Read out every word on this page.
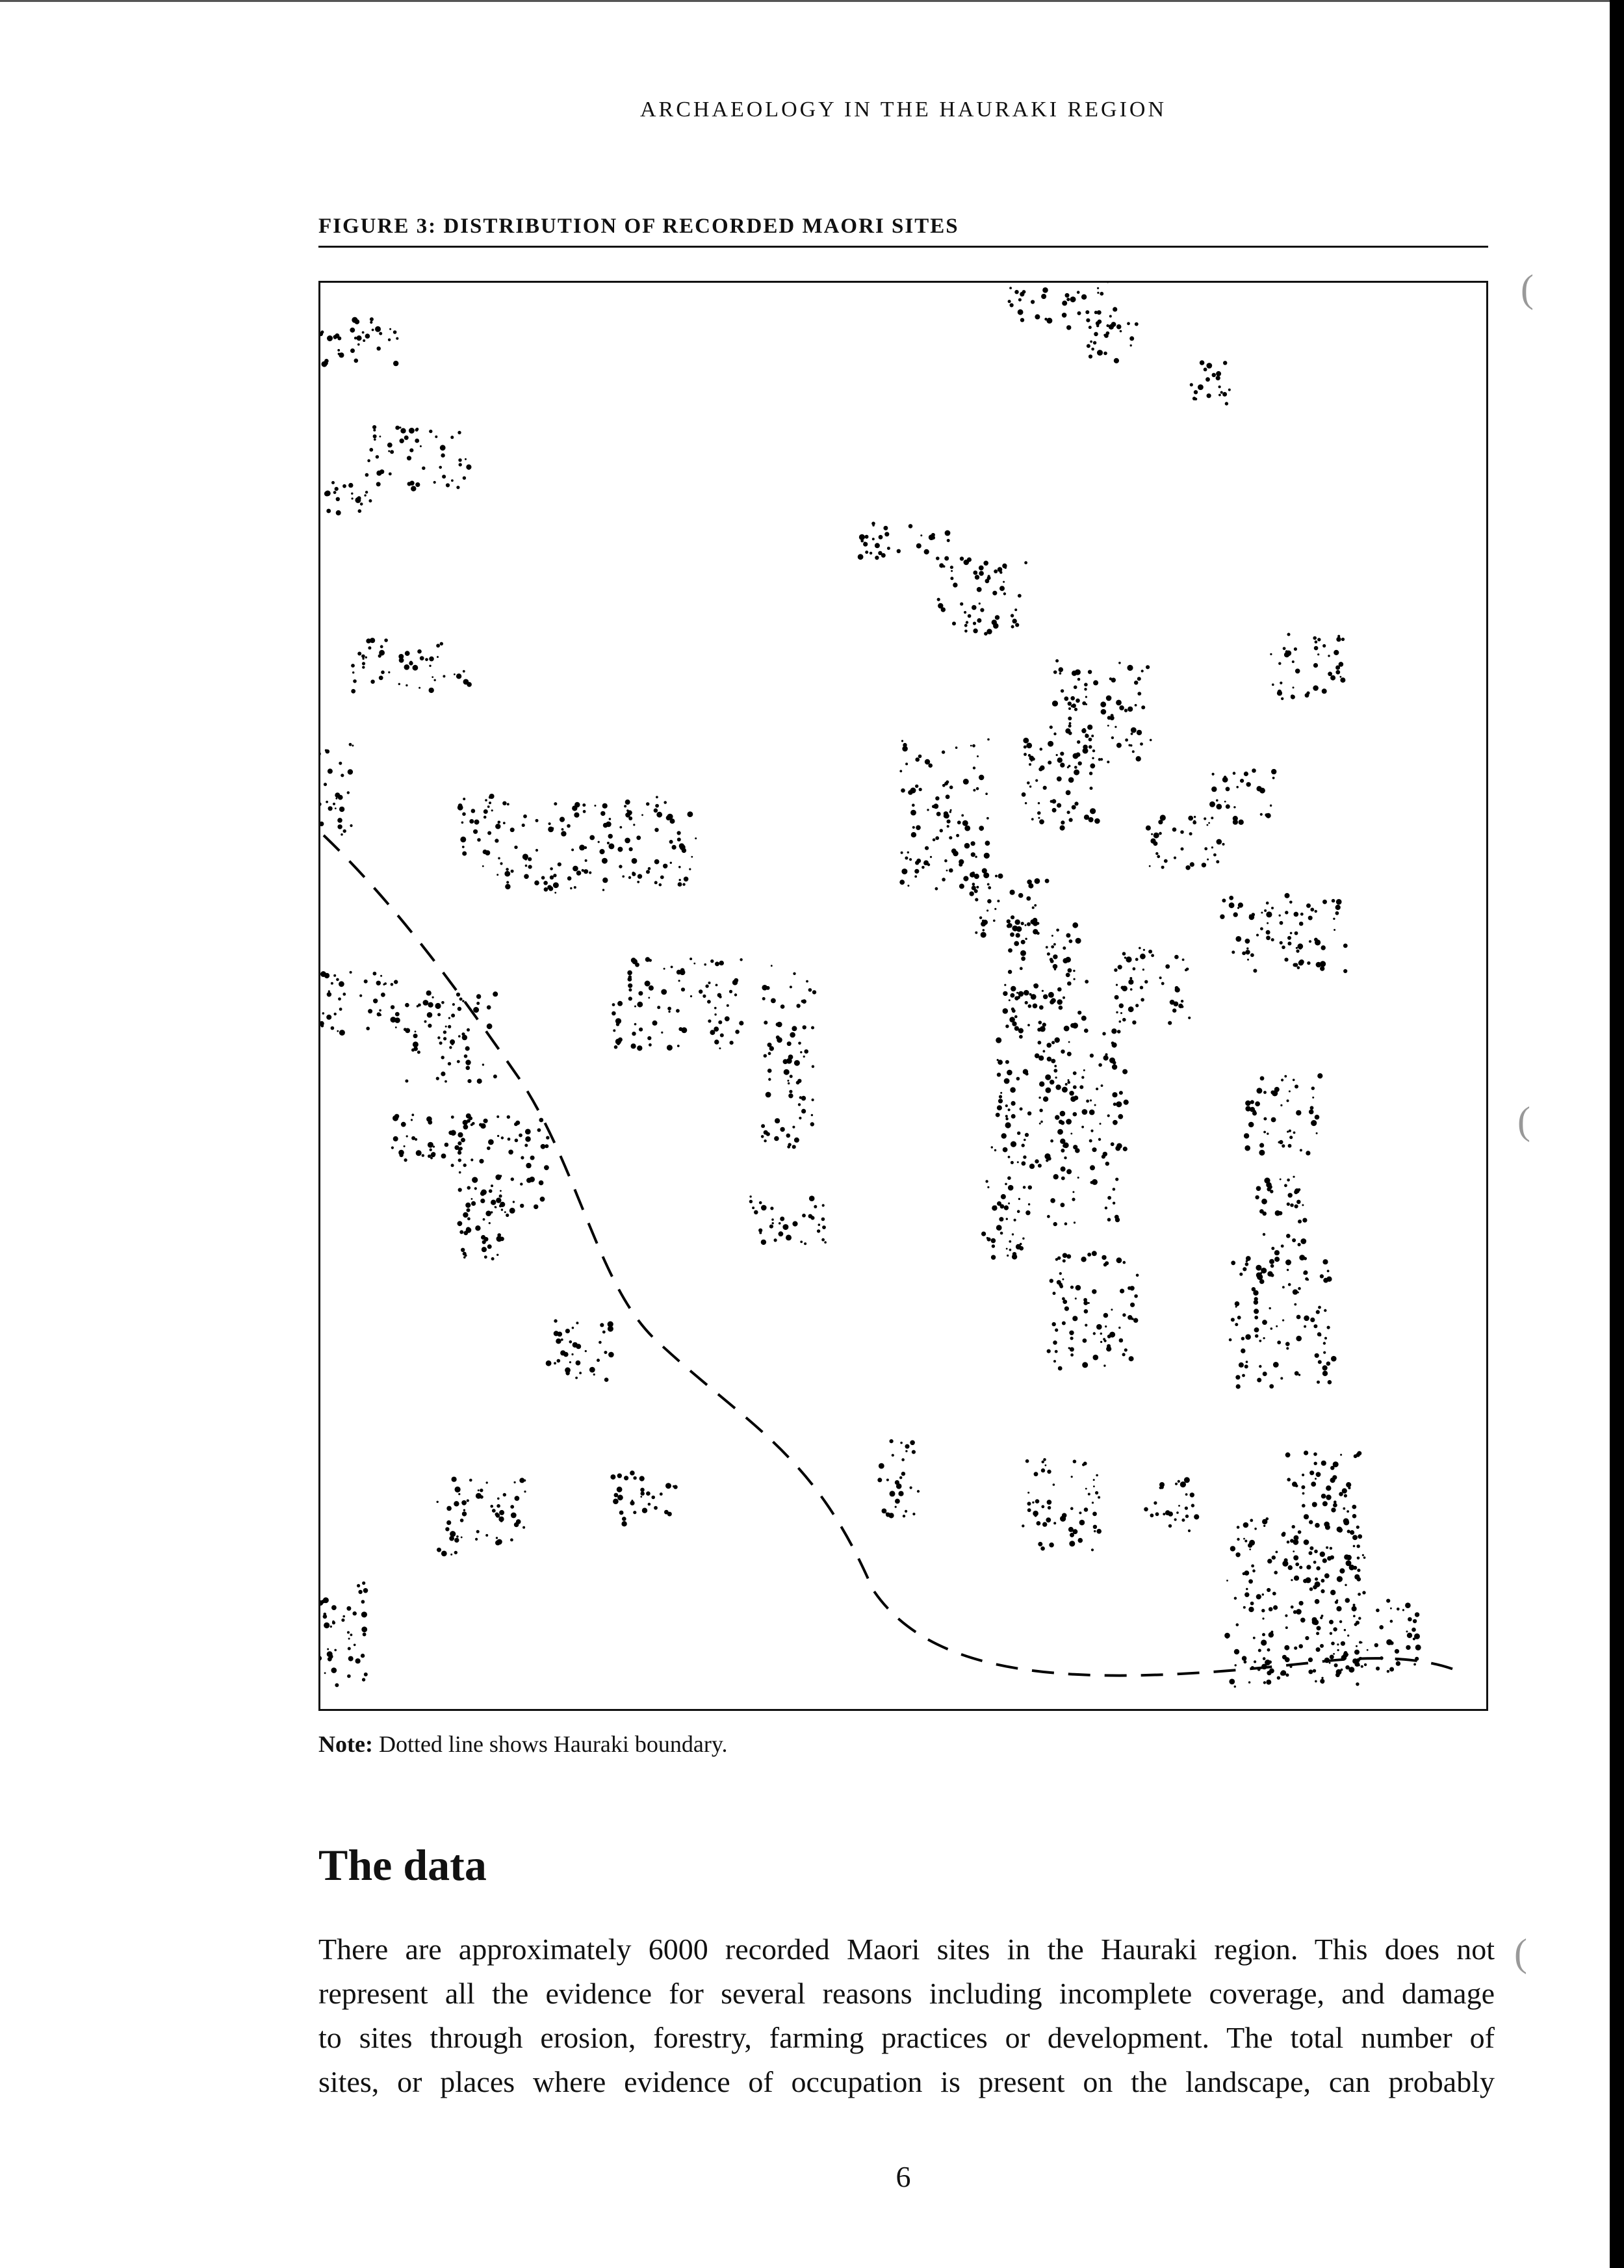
ARCHAEOLOGY IN THE HAURAKI REGION
FIGURE 3: DISTRIBUTION OF RECORDED MAORI SITES
Note: Dotted line shows Hauraki boundary.
The data
There are approximately 6000 recorded Maori sites in the Hauraki region. This does not
represent all the evidence for several reasons including incomplete coverage, and damage
to sites through erosion, forestry, farming practices or development. The total number of
sites, or places where evidence of occupation is present on the landscape, can probably
6
(
(
(
